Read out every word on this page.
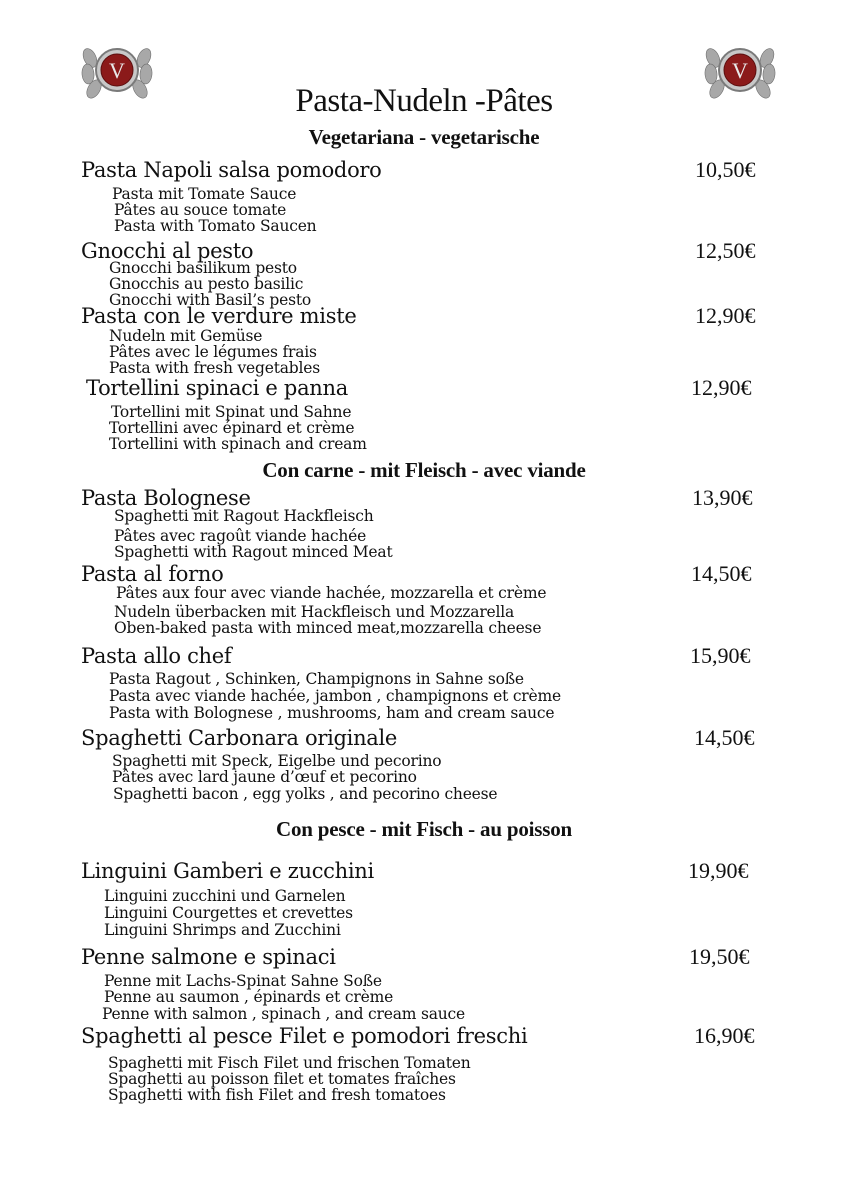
V	V
Pasta-Nudeln -Pâtes
Vegetariana - vegetarische
Pasta Napoli salsa pomodoro	10,50€
Pasta mit Tomate Sauce
Pâtes au souce tomate
Pasta with Tomato Saucen
Gnocchi al pesto	12,50€
Gnocchi basilikum pesto
Gnocchis au pesto basilic
Gnocchi with Basil’s pesto
Pasta con le verdure miste	12,90€
Nudeln mit Gemüse
Pâtes avec le légumes frais
Pasta with fresh vegetables
Tortellini spinaci e panna	12,90€
Tortellini mit Spinat und Sahne
Tortellini avec épinard et crème
Tortellini with spinach and cream
Con carne - mit Fleisch - avec viande
Pasta Bolognese	13,90€
Spaghetti mit Ragout Hackfleisch
Pâtes avec ragoût viande hachée
Spaghetti with Ragout minced Meat
Pasta al forno	14,50€
Pâtes aux four avec viande hachée, mozzarella et crème
Nudeln überbacken mit Hackfleisch und Mozzarella
Oben-baked pasta with minced meat,mozzarella cheese
Pasta allo chef	15,90€
Pasta Ragout , Schinken, Champignons in Sahne soße
Pasta avec viande hachée, jambon , champignons et crème
Pasta with Bolognese , mushrooms, ham and cream sauce
Spaghetti Carbonara originale	14,50€
Spaghetti mit Speck, Eigelbe und pecorino
Pâtes avec lard jaune d’œuf et pecorino
Spaghetti bacon , egg yolks , and pecorino cheese
Con pesce - mit Fisch - au poisson
Linguini Gamberi e zucchini	19,90€
Linguini zucchini und Garnelen
Linguini Courgettes et crevettes
Linguini Shrimps and Zucchini
Penne salmone e spinaci	19,50€
Penne mit Lachs-Spinat Sahne Soße
Penne au saumon , épinards et crème
Penne with salmon , spinach , and cream sauce
Spaghetti al pesce Filet e pomodori freschi	16,90€
Spaghetti mit Fisch Filet und frischen Tomaten
Spaghetti au poisson filet et tomates fraîches
Spaghetti with fish Filet and fresh tomatoes
